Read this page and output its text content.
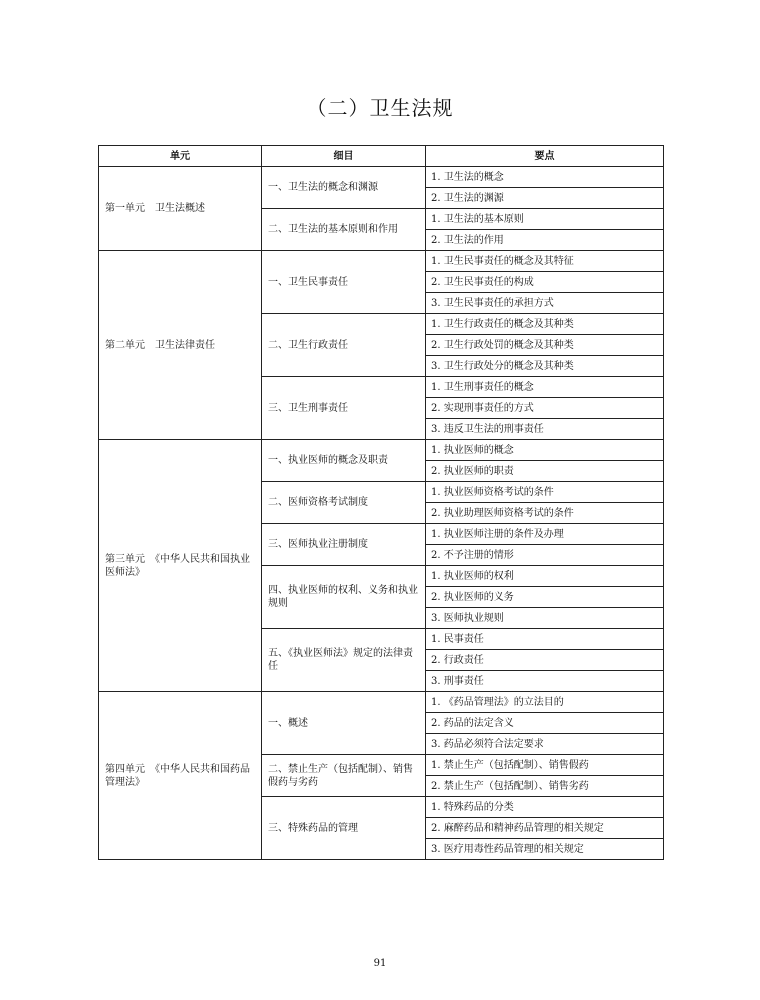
（二）卫生法规
单元	细目	要点
第一单元　卫生法概述	一、卫生法的概念和渊源	1. 卫生法的概念
		2. 卫生法的渊源
	二、卫生法的基本原则和作用	1. 卫生法的基本原则
		2. 卫生法的作用
第二单元　卫生法律责任	一、卫生民事责任	1. 卫生民事责任的概念及其特征
		2. 卫生民事责任的构成
		3. 卫生民事责任的承担方式
	二、卫生行政责任	1. 卫生行政责任的概念及其种类
		2. 卫生行政处罚的概念及其种类
		3. 卫生行政处分的概念及其种类
	三、卫生刑事责任	1. 卫生刑事责任的概念
		2. 实现刑事责任的方式
		3. 违反卫生法的刑事责任
第三单元　《中华人民共和国执业医师法》	一、执业医师的概念及职责	1. 执业医师的概念
		2. 执业医师的职责
	二、医师资格考试制度	1. 执业医师资格考试的条件
		2. 执业助理医师资格考试的条件
	三、医师执业注册制度	1. 执业医师注册的条件及办理
		2. 不予注册的情形
	四、执业医师的权利、义务和执业规则	1. 执业医师的权利
		2. 执业医师的义务
		3. 医师执业规则
	五、《执业医师法》规定的法律责任	1. 民事责任
		2. 行政责任
		3. 刑事责任
第四单元　《中华人民共和国药品管理法》	一、概述	1. 《药品管理法》的立法目的
		2. 药品的法定含义
		3. 药品必须符合法定要求
	二、禁止生产（包括配制）、销售假药与劣药	1. 禁止生产（包括配制）、销售假药
		2. 禁止生产（包括配制）、销售劣药
	三、特殊药品的管理	1. 特殊药品的分类
		2. 麻醉药品和精神药品管理的相关规定
		3. 医疗用毒性药品管理的相关规定
91
